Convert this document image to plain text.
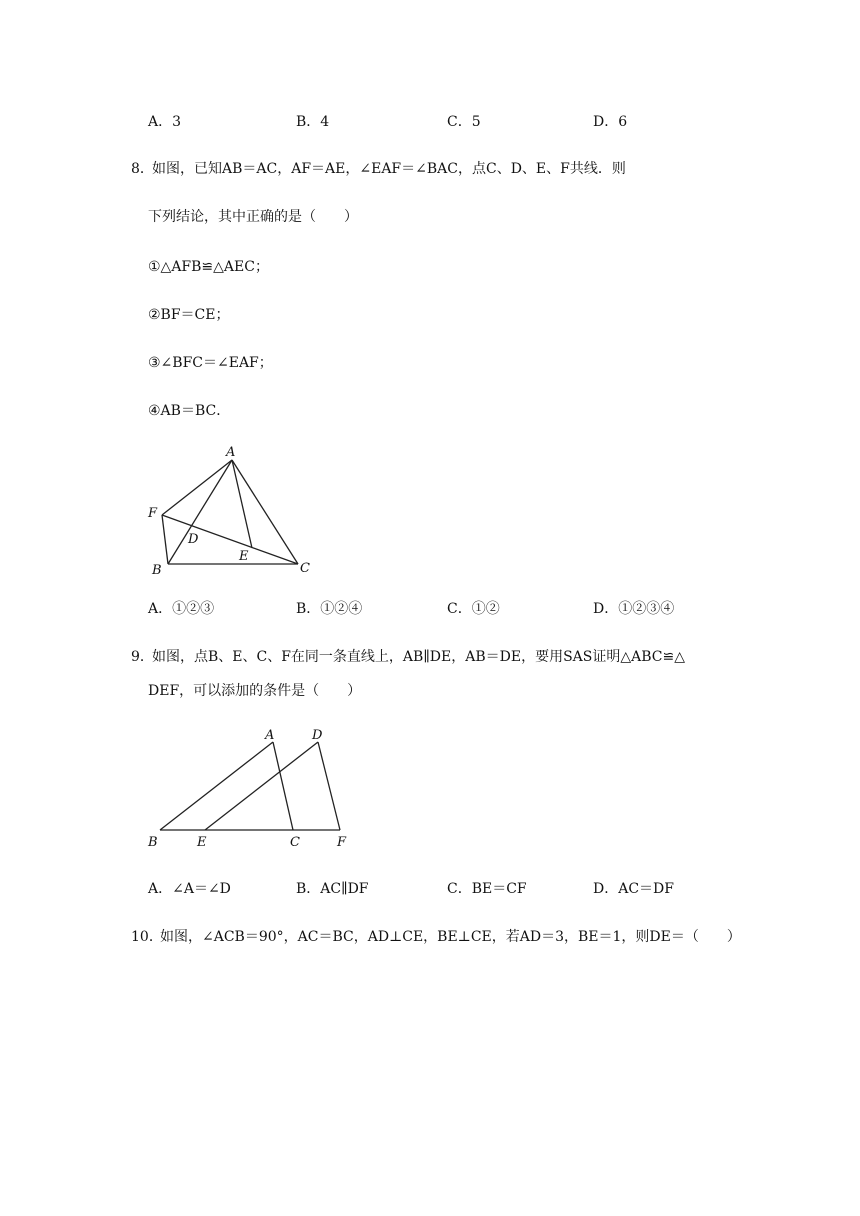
A．3	B．4	C．5	D．6
8．
如图，已知AB＝AC，AF＝AE，∠EAF＝∠BAC，点C、D、E、F共线．则
下列结论，其中正确的是（　　）
①△AFB≌△AEC；
②BF＝CE；
③∠BFC＝∠EAF；
④AB＝BC．
A
F
D
E
B	C
A．①②③	B．①②④	C．①②	D．①②③④
9．
如图，点B、E、C、F在同一条直线上，AB∥DE，AB＝DE，要用SAS证明△ABC≌△
DEF，可以添加的条件是（　　）
A	D
B	E	C	F
A．∠A＝∠D	B．AC∥DF	C．BE＝CF	D．AC＝DF
10．
如图，∠ACB＝90°，AC＝BC，AD⊥CE，BE⊥CE，若AD＝3，BE＝1，则DE＝（　　）
